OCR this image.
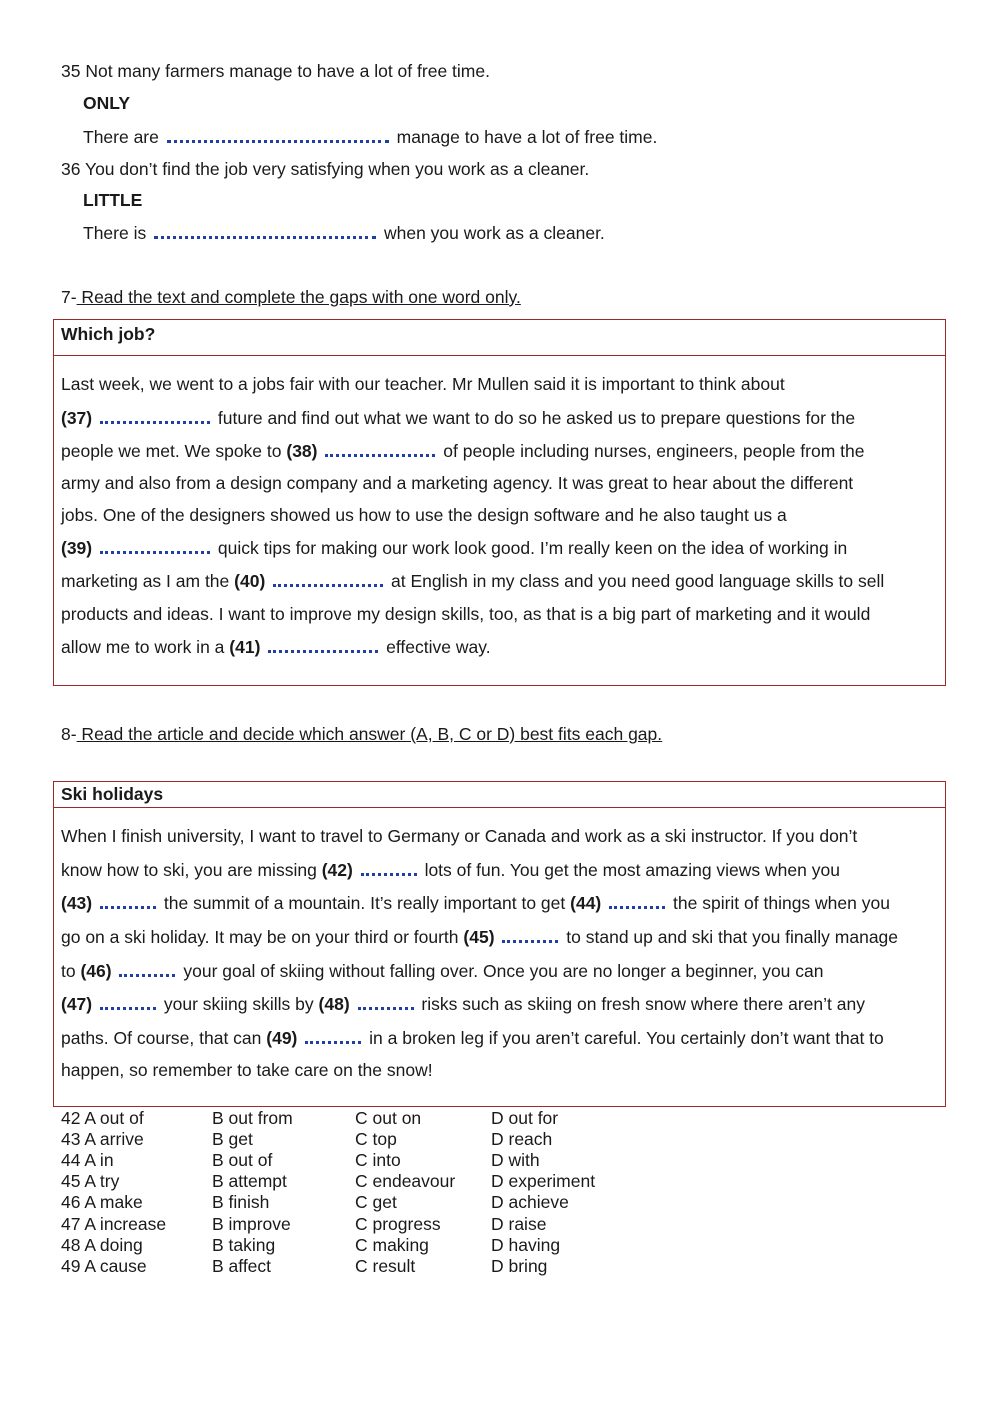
35 Not many farmers manage to have a lot of free time.
ONLY
There are	manage to have a lot of free time.
36 You don’t find the job very satisfying when you work as a cleaner.
LITTLE
There is	when you work as a cleaner.
7- Read the text and complete the gaps with one word only.
Which job?
Last week, we went to a jobs fair with our teacher. Mr Mullen said it is important to think about
(37)	future and find out what we want to do so he asked us to prepare questions for the
people we met. We spoke to (38)	of people including nurses, engineers, people from the
army and also from a design company and a marketing agency. It was great to hear about the different
jobs. One of the designers showed us how to use the design software and he also taught us a
(39)	quick tips for making our work look good. I’m really keen on the idea of working in
marketing as I am the (40)	at English in my class and you need good language skills to sell
products and ideas. I want to improve my design skills, too, as that is a big part of marketing and it would
allow me to work in a (41)	effective way.
8- Read the article and decide which answer (A, B, C or D) best fits each gap.
Ski holidays
When I finish university, I want to travel to Germany or Canada and work as a ski instructor. If you don’t
know how to ski, you are missing (42)	lots of fun. You get the most amazing views when you
(43)	the summit of a mountain. It’s really important to get (44)	the spirit of things when you
go on a ski holiday. It may be on your third or fourth (45)	to stand up and ski that you finally manage
to (46)	your goal of skiing without falling over. Once you are no longer a beginner, you can
(47)	your skiing skills by (48)	risks such as skiing on fresh snow where there aren’t any
paths. Of course, that can (49)	in a broken leg if you aren’t careful. You certainly don’t want that to
happen, so remember to take care on the snow!
42 A out of	B out from	C out on	D out for
43 A arrive	B get	C top	D reach
44 A in	B out of	C into	D with
45 A try	B attempt	C endeavour D experiment
46 A make	B finish	C get	D achieve
47 A increase	B improve	C progress	D raise
48 A doing	B taking	C making	D having
49 A cause	B affect	C result	D bring
